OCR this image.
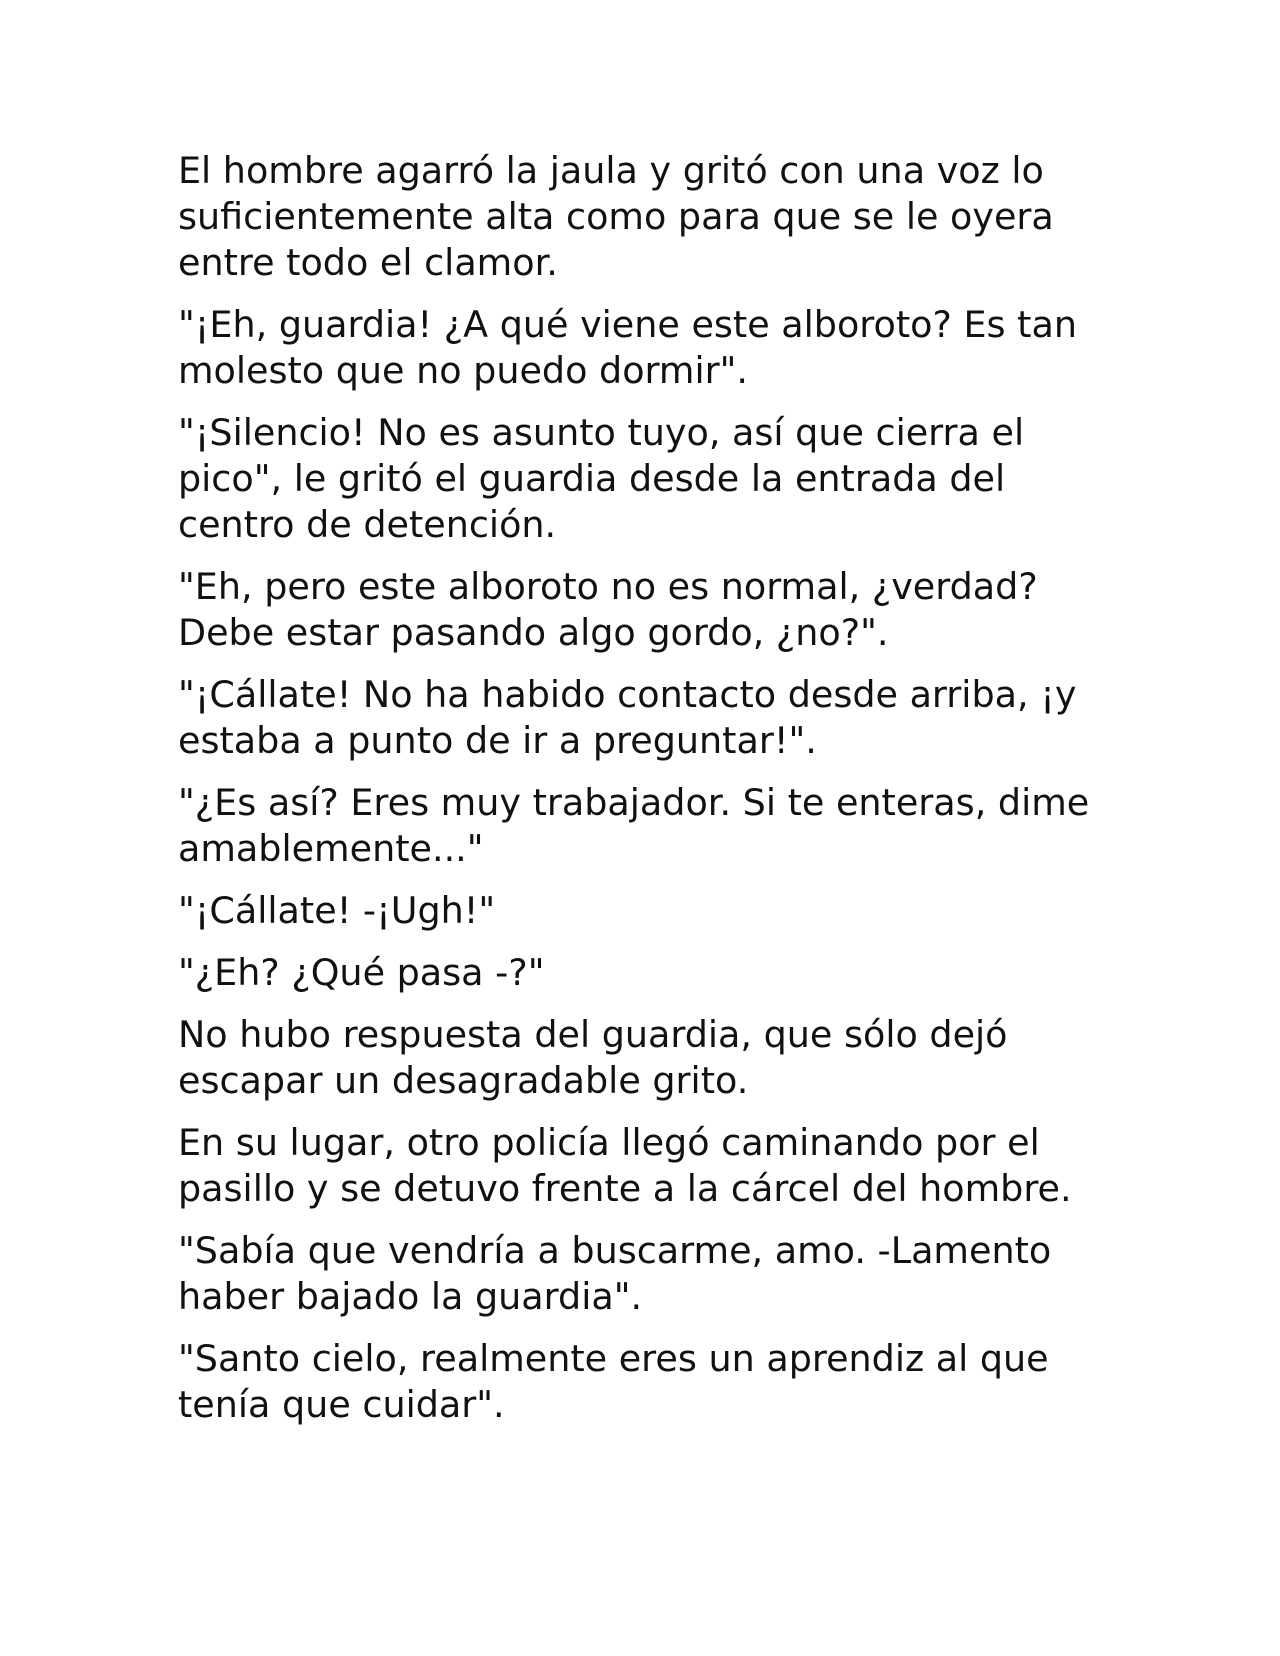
El hombre agarró la jaula y gritó con una voz lo suficientemente alta como para que se le oyera entre todo el clamor.

"¡Eh, guardia! ¿A qué viene este alboroto? Es tan molesto que no puedo dormir".

"¡Silencio! No es asunto tuyo, así que cierra el pico", le gritó el guardia desde la entrada del centro de detención.

"Eh, pero este alboroto no es normal, ¿verdad? Debe estar pasando algo gordo, ¿no?".

"¡Cállate! No ha habido contacto desde arriba, ¡y estaba a punto de ir a preguntar!".

"¿Es así? Eres muy trabajador. Si te enteras, dime amablemente..."

"¡Cállate! -¡Ugh!"

"¿Eh? ¿Qué pasa -?"

No hubo respuesta del guardia, que sólo dejó escapar un desagradable grito.

En su lugar, otro policía llegó caminando por el pasillo y se detuvo frente a la cárcel del hombre.

"Sabía que vendría a buscarme, amo. -Lamento haber bajado la guardia".

"Santo cielo, realmente eres un aprendiz al que tenía que cuidar".
